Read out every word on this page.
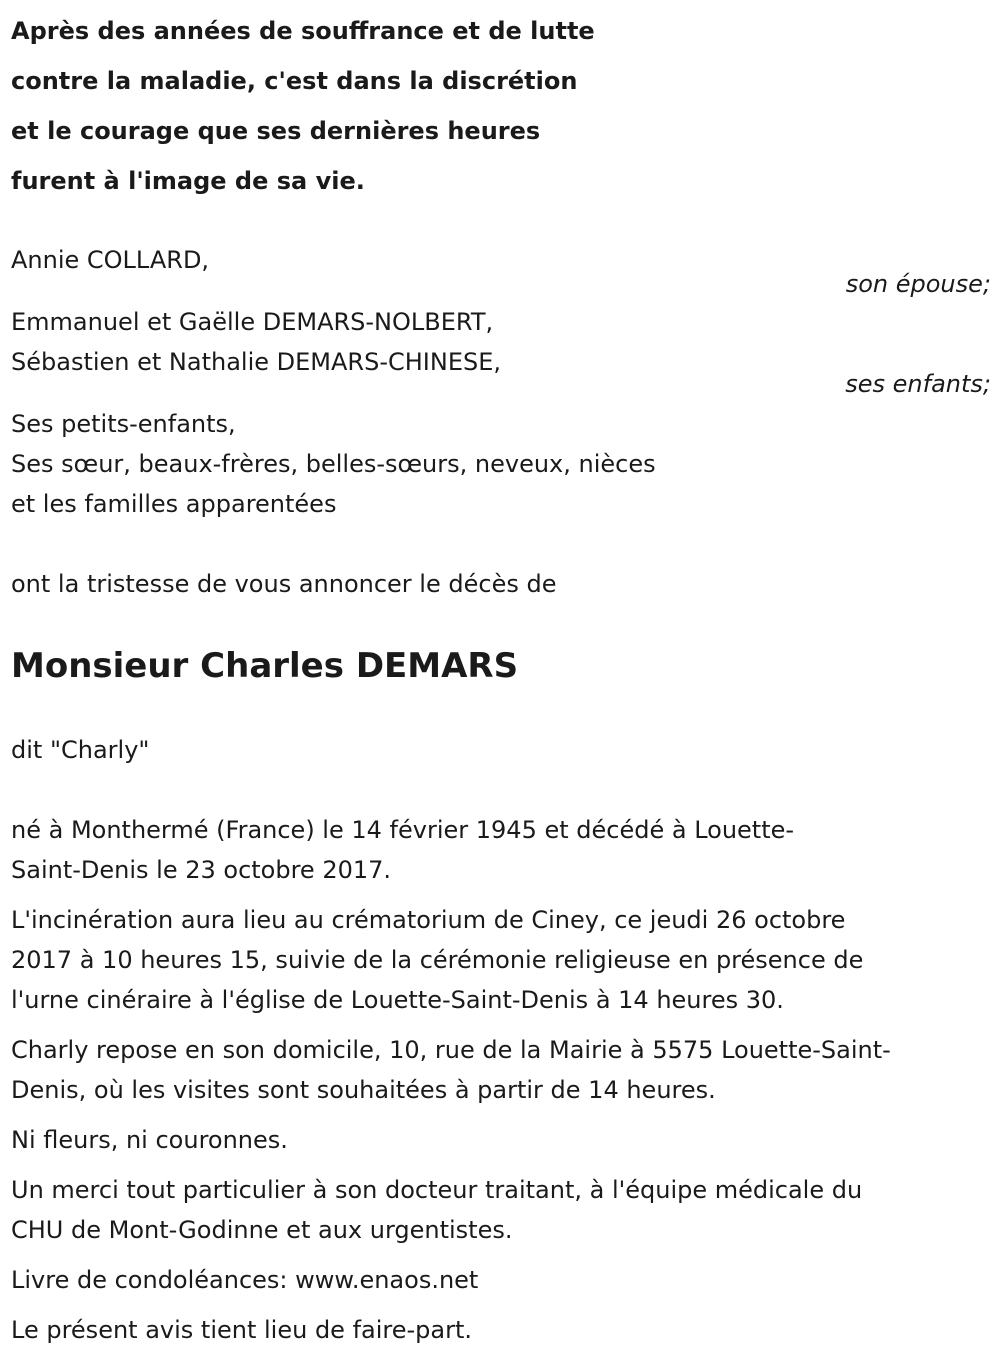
Après des années de souffrance et de lutte
contre la maladie, c'est dans la discrétion
et le courage que ses dernières heures
furent à l'image de sa vie.
Annie COLLARD,
son épouse;
Emmanuel et Gaëlle DEMARS-NOLBERT,
Sébastien et Nathalie DEMARS-CHINESE,
ses enfants;
Ses petits-enfants,
Ses sœur, beaux-frères, belles-sœurs, neveux, nièces
et les familles apparentées
ont la tristesse de vous annoncer le décès de
Monsieur Charles DEMARS
dit "Charly"
né à Monthermé (France) le 14 février 1945 et décédé à Louette-
Saint-Denis le 23 octobre 2017.
L'incinération aura lieu au crématorium de Ciney, ce jeudi 26 octobre
2017 à 10 heures 15, suivie de la cérémonie religieuse en présence de
l'urne cinéraire à l'église de Louette-Saint-Denis à 14 heures 30.
Charly repose en son domicile, 10, rue de la Mairie à 5575 Louette-Saint-
Denis, où les visites sont souhaitées à partir de 14 heures.
Ni fleurs, ni couronnes.
Un merci tout particulier à son docteur traitant, à l'équipe médicale du
CHU de Mont-Godinne et aux urgentistes.
Livre de condoléances: www.enaos.net
Le présent avis tient lieu de faire-part.
